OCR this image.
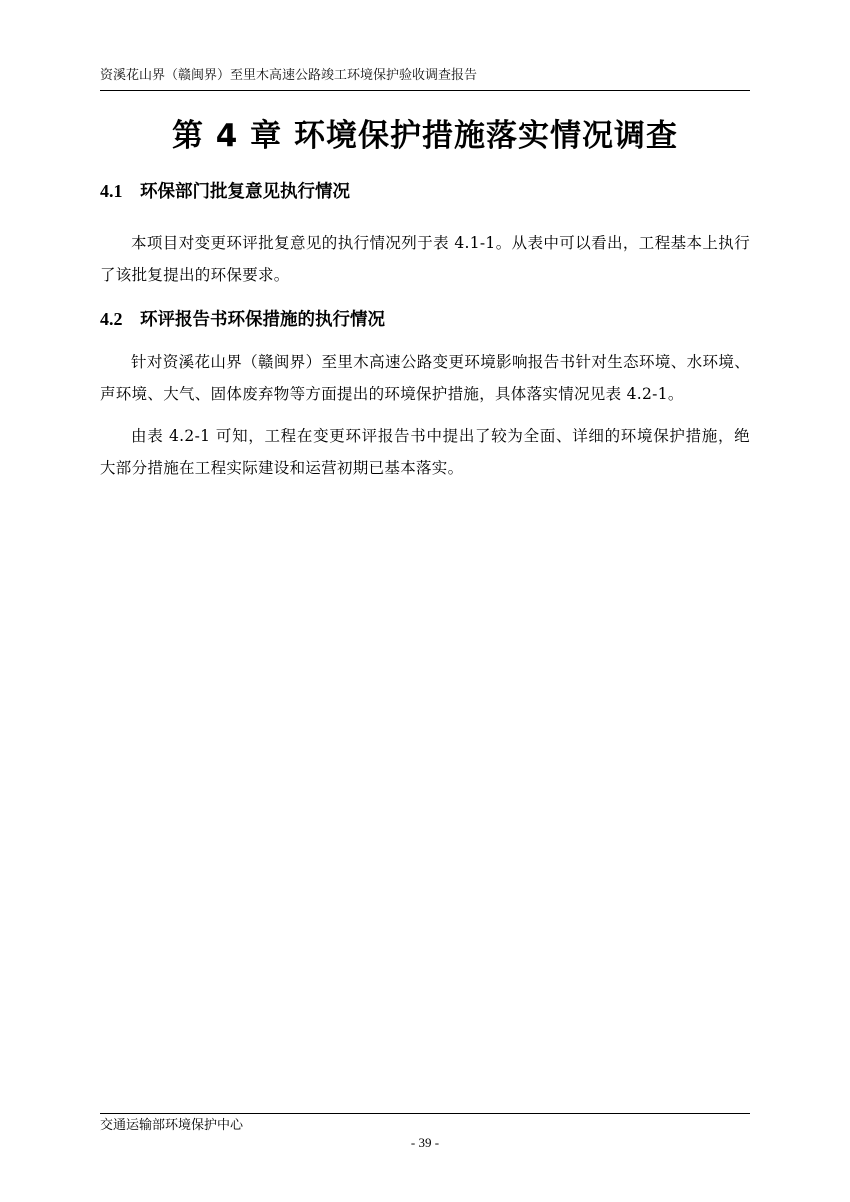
资溪花山界（赣闽界）至里木高速公路竣工环境保护验收调查报告
第 4 章 环境保护措施落实情况调查
4.1 环保部门批复意见执行情况
本项目对变更环评批复意见的执行情况列于表 4.1-1。从表中可以看出，工程基本上执行了该批复提出的环保要求。
4.2 环评报告书环保措施的执行情况
针对资溪花山界（赣闽界）至里木高速公路变更环境影响报告书针对生态环境、水环境、声环境、大气、固体废弃物等方面提出的环境保护措施，具体落实情况见表 4.2-1。
由表 4.2-1 可知，工程在变更环评报告书中提出了较为全面、详细的环境保护措施，绝大部分措施在工程实际建设和运营初期已基本落实。
交通运输部环境保护中心
- 39 -
